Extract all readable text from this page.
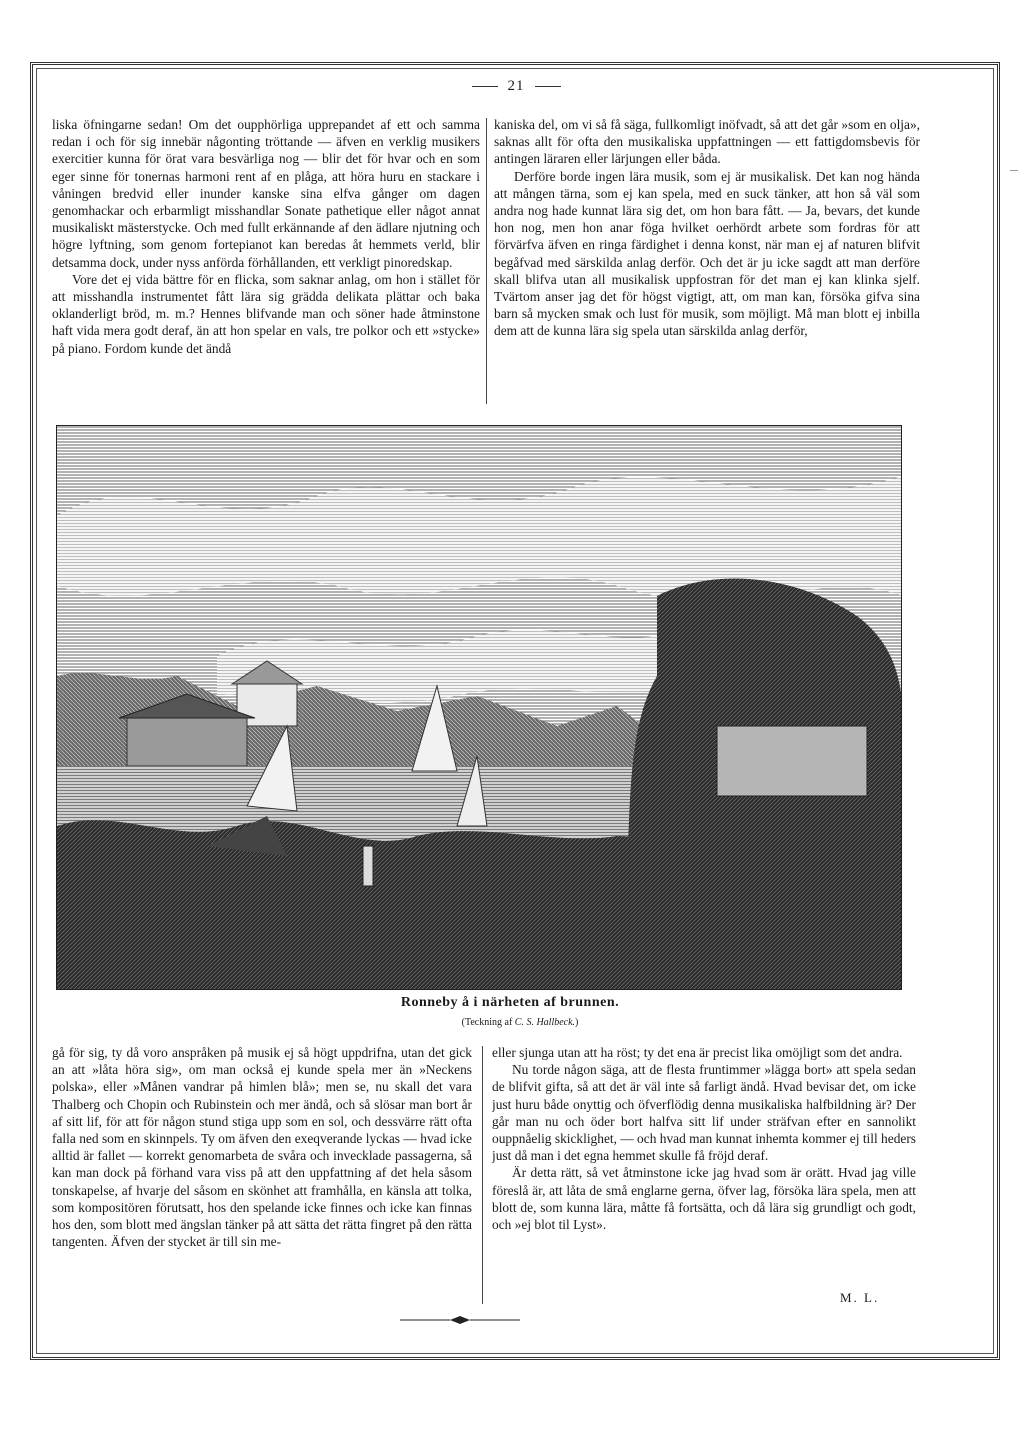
21

liska öfningarne sedan! Om det oupphörliga upprepandet af ett och samma redan i och för sig innebär någonting tröttande — äfven en verklig musikers exercitier kunna för örat vara besvärliga nog — blir det för hvar och en som eger sinne för tonernas harmoni rent af en plåga, att höra huru en stackare i våningen bredvid eller inunder kanske sina elfva gånger om dagen genomhackar och erbarmligt misshandlar Sonate pathetique eller något annat musikaliskt mästerstycke. Och med fullt erkännande af den ädlare njutning och högre lyftning, som genom fortepianot kan beredas åt hemmets verld, blir detsamma dock, under nyss anförda förhållanden, ett verkligt pinoredskap.

Vore det ej vida bättre för en flicka, som saknar anlag, om hon i stället för att misshandla instrumentet fått lära sig grädda delikata plättar och baka oklanderligt bröd, m. m.? Hennes blifvande man och söner hade åtminstone haft vida mera godt deraf, än att hon spelar en vals, tre polkor och ett »stycke» på piano. Fordom kunde det ändå

kaniska del, om vi så få säga, fullkomligt inöfvadt, så att det går »som en olja», saknas allt för ofta den musikaliska uppfattningen — ett fattigdomsbevis för antingen läraren eller lärjungen eller båda.

Derföre borde ingen lära musik, som ej är musikalisk. Det kan nog hända att mången tärna, som ej kan spela, med en suck tänker, att hon så väl som andra nog hade kunnat lära sig det, om hon bara fått. — Ja, bevars, det kunde hon nog, men hon anar föga hvilket oerhördt arbete som fordras för att förvärfva äfven en ringa färdighet i denna konst, när man ej af naturen blifvit begåfvad med särskilda anlag derför. Och det är ju icke sagdt att man derföre skall blifva utan all musikalisk uppfostran för det man ej kan klinka sjelf. Tvärtom anser jag det för högst vigtigt, att, om man kan, försöka gifva sina barn så mycken smak och lust för musik, som möjligt. Må man blott ej inbilla dem att de kunna lära sig spela utan särskilda anlag derför,

Ronneby å i närheten af brunnen.
(Teckning af C. S. Hallbeck.)

gå för sig, ty då voro anspråken på musik ej så högt uppdrifna, utan det gick an att »låta höra sig», om man också ej kunde spela mer än »Neckens polska», eller »Månen vandrar på himlen blå»; men se, nu skall det vara Thalberg och Chopin och Rubinstein och mer ändå, och så slösar man bort år af sitt lif, för att för någon stund stiga upp som en sol, och dessvärre rätt ofta falla ned som en skinnpels. Ty om äfven den exeqverande lyckas — hvad icke alltid är fallet — korrekt genomarbeta de svåra och invecklade passagerna, så kan man dock på förhand vara viss på att den uppfattning af det hela såsom tonskapelse, af hvarje del såsom en skönhet att framhålla, en känsla att tolka, som kompositören förutsatt, hos den spelande icke finnes och icke kan finnas hos den, som blott med ängslan tänker på att sätta det rätta fingret på den rätta tangenten. Äfven der stycket är till sin me-

eller sjunga utan att ha röst; ty det ena är precist lika omöjligt som det andra.

Nu torde någon säga, att de flesta fruntimmer »lägga bort» att spela sedan de blifvit gifta, så att det är väl inte så farligt ändå. Hvad bevisar det, om icke just huru både onyttig och öfverflödig denna musikaliska halfbildning är? Der går man nu och öder bort halfva sitt lif under sträfvan efter en sannolikt ouppnåelig skicklighet, — och hvad man kunnat inhemta kommer ej till heders just då man i det egna hemmet skulle få fröjd deraf.

Är detta rätt, så vet åtminstone icke jag hvad som är orätt. Hvad jag ville föreslå är, att låta de små englarne gerna, öfver lag, försöka lära spela, men att blott de, som kunna lära, måtte få fortsätta, och då lära sig grundligt och godt, och »ej blot til Lyst».

M. L.
